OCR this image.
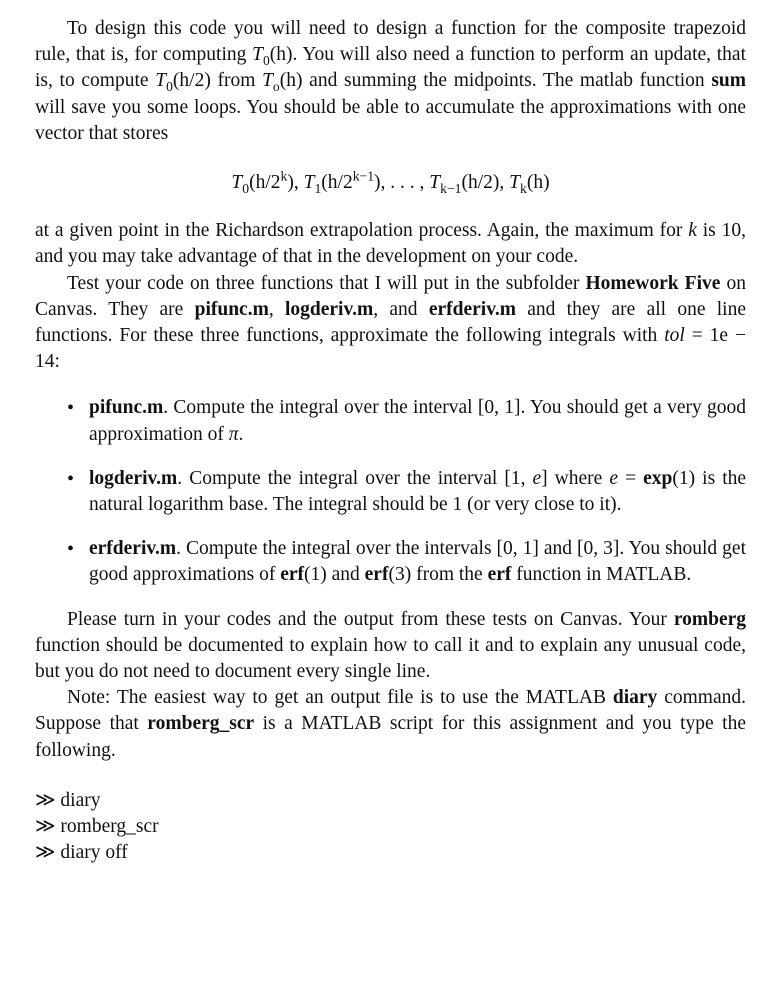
To design this code you will need to design a function for the composite trapezoid rule, that is, for computing $T_0(h)$. You will also need a function to perform an update, that is, to compute $T_0(h/2)$ from $T_o(h)$ and summing the midpoints. The matlab function sum will save you some loops. You should be able to accumulate the approximations with one vector that stores

$T_0(h/2^k)$, $T_1(h/2^{k-1})$, . . . , $T_{k-1}(h/2)$, $T_k(h)$

at a given point in the Richardson extrapolation process. Again, the maximum for k is 10, and you may take advantage of that in the development on your code.

Test your code on three functions that I will put in the subfolder Homework Five on Canvas. They are pifunc.m, logderiv.m, and erfderiv.m and they are all one line functions. For these three functions, approximate the following integrals with tol = 1e − 14:

• pifunc.m. Compute the integral over the interval [0, 1]. You should get a very good approximation of π.
• logderiv.m. Compute the integral over the interval [1, e] where e = exp(1) is the natural logarithm base. The integral should be 1 (or very close to it).
• erfderiv.m. Compute the integral over the intervals [0, 1] and [0, 3]. You should get good approximations of erf(1) and erf(3) from the erf function in MATLAB.

Please turn in your codes and the output from these tests on Canvas. Your romberg function should be documented to explain how to call it and to explain any unusual code, but you do not need to document every single line.

Note: The easiest way to get an output file is to use the MATLAB diary command. Suppose that romberg_scr is a MATLAB script for this assignment and you type the following.

≫ diary
≫ romberg_scr
≫ diary off
